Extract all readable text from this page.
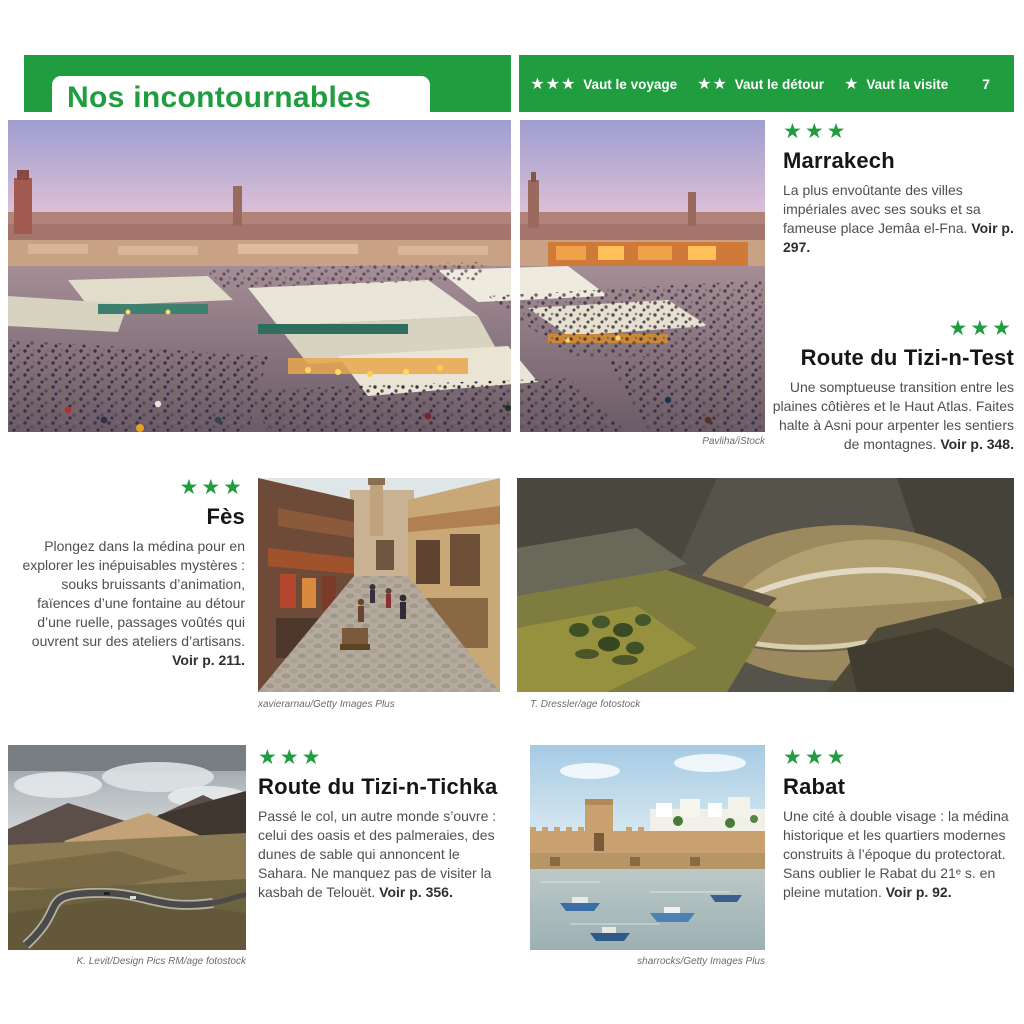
Nos incontournables	★★★ Vaut le voyage ★★ Vaut le détour ★ Vaut la visite 7
Pavliha/iStock
★★★
Marrakech

La plus envoûtante des villes impériales avec ses souks et sa fameuse place Jemâa el-Fna. Voir p. 297.

★★★
Route du Tizi-n-Test

Une somptueuse transition entre les plaines côtières et le Haut Atlas. Faites halte à Asni pour arpenter les sentiers de montagnes. Voir p. 348.

★★★
Fès

Plongez dans la médina pour en explorer les inépuisables mystères : souks bruissants d’animation, faïences d’une fontaine au détour d’une ruelle, passages voûtés qui ouvrent sur des ateliers d’artisans. Voir p. 211.

xavierarnau/Getty Images Plus	T. Dressler/age fotostock
K. Levit/Design Pics RM/age fotostock
★★★
Route du Tizi-n-Tichka

Passé le col, un autre monde s’ouvre : celui des oasis et des palmeraies, des dunes de sable qui annoncent le Sahara. Ne manquez pas de visiter la kasbah de Telouët. Voir p. 356.

sharrocks/Getty Images Plus
★★★
Rabat

Une cité à double visage : la médina historique et les quartiers modernes construits à l’époque du protectorat. Sans oublier le Rabat du 21ᵉ s. en pleine mutation. Voir p. 92.
